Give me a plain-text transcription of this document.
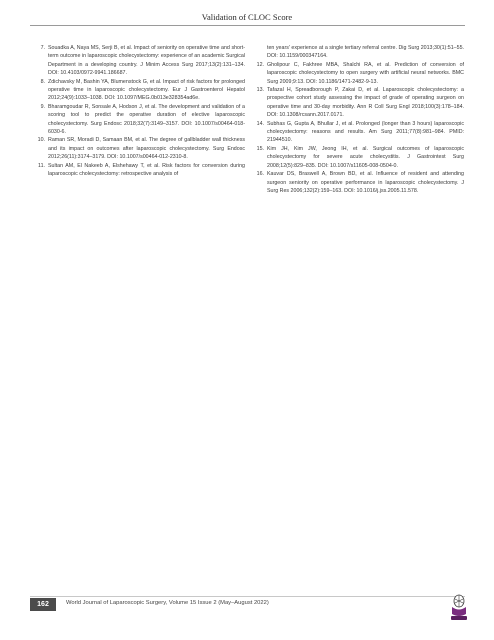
Validation of CLOC Score
7. Souadka A, Naya MS, Serji B, et al. Impact of seniority on operative time and short-term outcome in laparoscopic cholecystectomy: experience of an academic Surgical Department in a developing country. J Minim Access Surg 2017;13(2):131–134. DOI: 10.4103/0972-9941.186687.
8. Zdichavsky M, Bashin YA, Blumenstock G, et al. Impact of risk factors for prolonged operative time in laparoscopic cholecystectomy. Eur J Gastroenterol Hepatol 2012;24(9):1033–1038. DOI: 10.1097/MEG.0b013e328354ad6e.
9. Bharamgoudar R, Sonsale A, Hodson J, et al. The development and validation of a scoring tool to predict the operative duration of elective laparoscopic cholecystectomy. Surg Endosc 2018;32(7):3149–3157. DOI: 10.1007/s00464-018-6030-6.
10. Raman SR, Moradi D, Samaan BM, et al. The degree of gallbladder wall thickness and its impact on outcomes after laparoscopic cholecystectomy. Surg Endosc 2012;26(11):3174–3179. DOI: 10.1007/s00464-012-2310-8.
11. Sultan AM, El Nakeeb A, Elshehawy T, et al. Risk factors for conversion during laparoscopic cholecystectomy: retrospective analysis of
ten years' experience at a single tertiary referral centre. Dig Surg 2013;30(1):51–55. DOI: 10.1159/000347164.
12. Gholipour C, Fakhree MBA, Shalchi RA, et al. Prediction of conversion of laparoscopic cholecystectomy to open surgery with artificial neural networks. BMC Surg 2009;9:13. DOI: 10.1186/1471-2482-9-13.
13. Tafazal H, Spreadborough P, Zakai D, et al. Laparoscopic cholecystectomy: a prospective cohort study assessing the impact of grade of operating surgeon on operative time and 30-day morbidity. Ann R Coll Surg Engl 2018;100(3):178–184. DOI: 10.1308/rcsann.2017.0171.
14. Subhas G, Gupta A, Bhullar J, et al. Prolonged (longer than 3 hours) laparoscopic cholecystectomy: reasons and results. Am Surg 2011;77(8):981–984. PMID: 21944510.
15. Kim JH, Kim JW, Jeong IH, et al. Surgical outcomes of laparoscopic cholecystectomy for severe acute cholecystitis. J Gastrointest Surg 2008;12(5):829–835. DOI: 10.1007/s11605-008-0504-0.
16. Kauvar DS, Braswell A, Brown BD, et al. Influence of resident and attending surgeon seniority on operative performance in laparoscopic cholecystectomy. J Surg Res 2006;132(2):159–163. DOI: 10.1016/j.jss.2005.11.578.
162	World Journal of Laparoscopic Surgery, Volume 15 Issue 2 (May–August 2022)
